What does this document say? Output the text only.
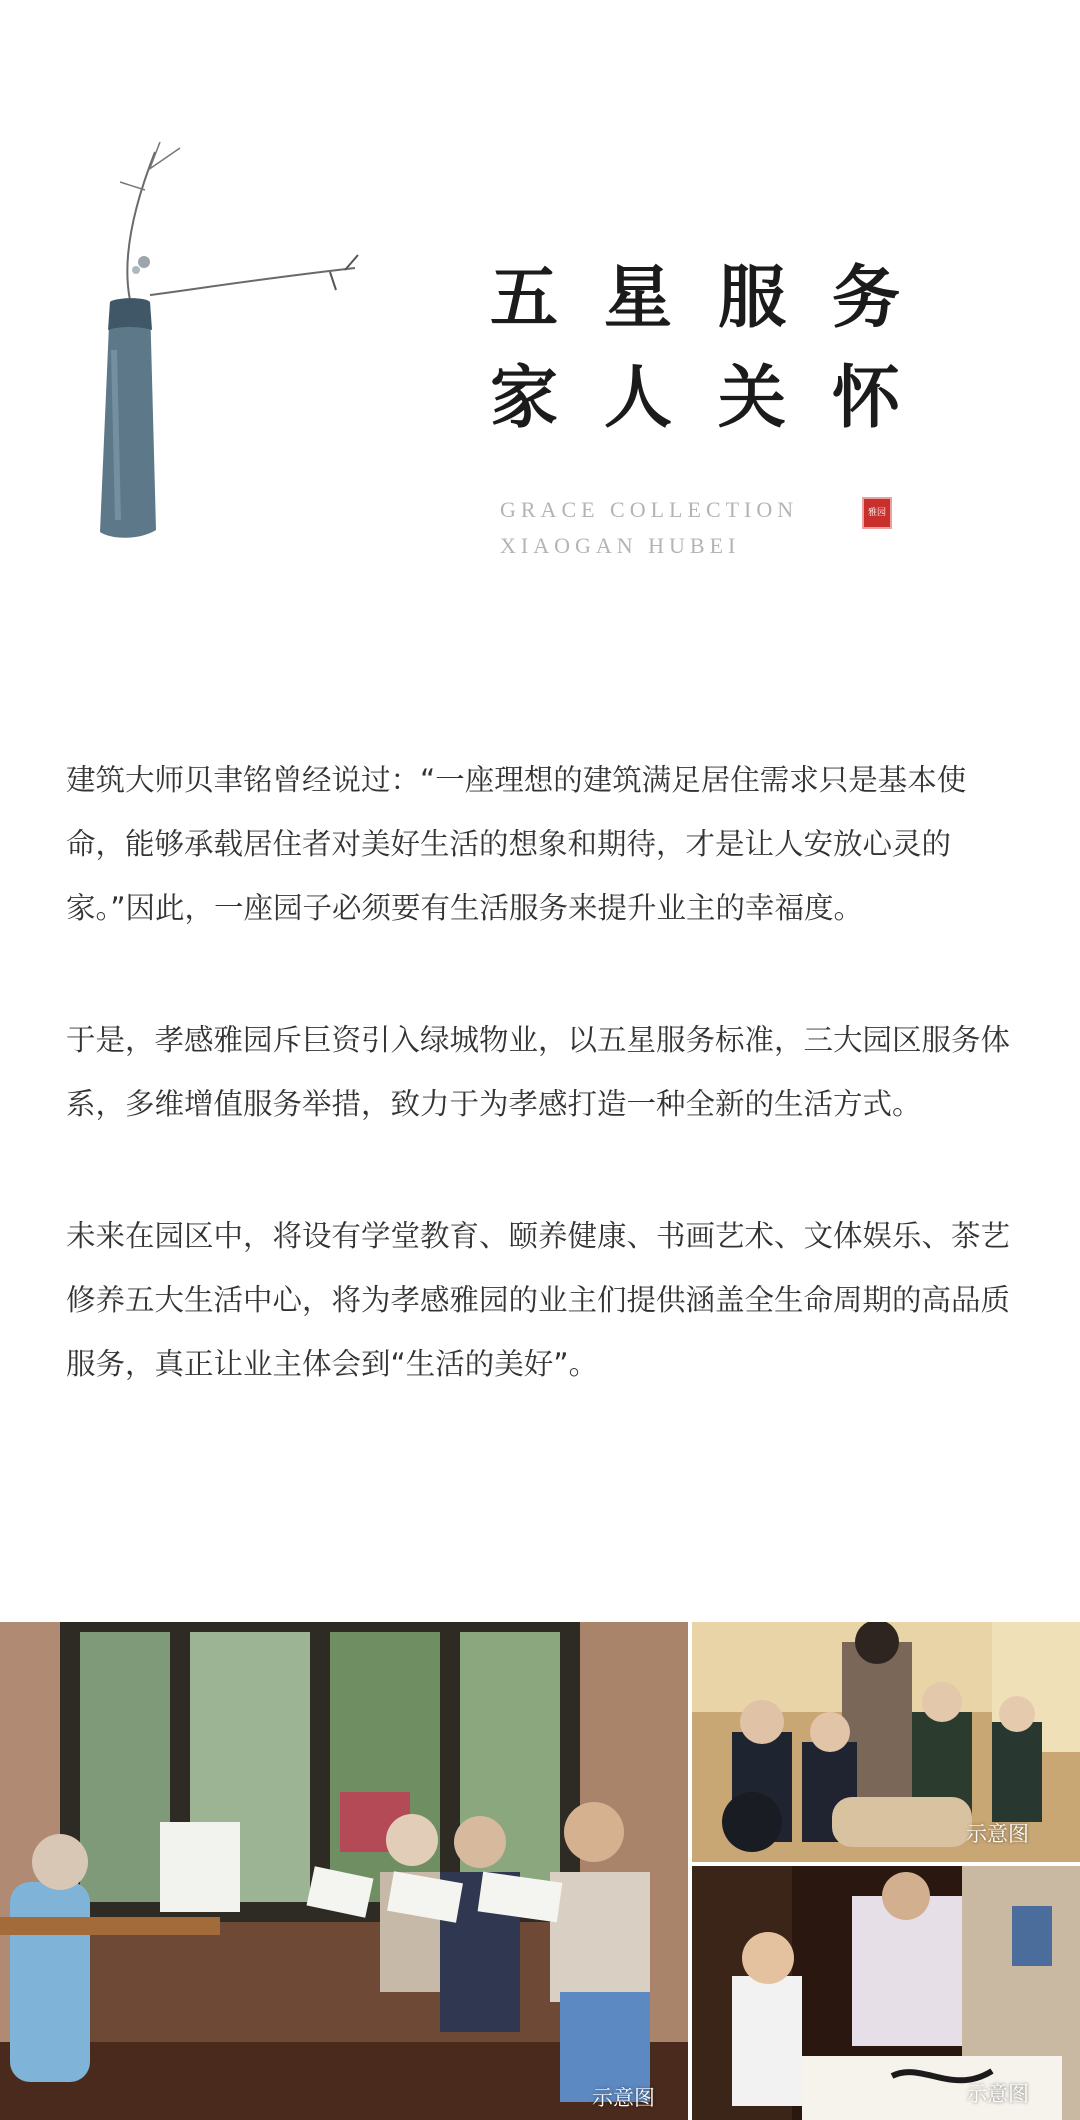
五星服务
家人关怀
GRACE COLLECTION
XIAOGAN HUBEI
雅园

建筑大师贝聿铭曾经说过：“一座理想的建筑满足居住需求只是基本使命，能够承载居住者对美好生活的想象和期待，才是让人安放心灵的家。”因此，一座园子必须要有生活服务来提升业主的幸福度。

于是，孝感雅园斥巨资引入绿城物业，以五星服务标准，三大园区服务体系，多维增值服务举措，致力于为孝感打造一种全新的生活方式。

未来在园区中，将设有学堂教育、颐养健康、书画艺术、文体娱乐、茶艺修养五大生活中心，将为孝感雅园的业主们提供涵盖全生命周期的高品质服务，真正让业主体会到“生活的美好”。

示意图
示意图
示意图
